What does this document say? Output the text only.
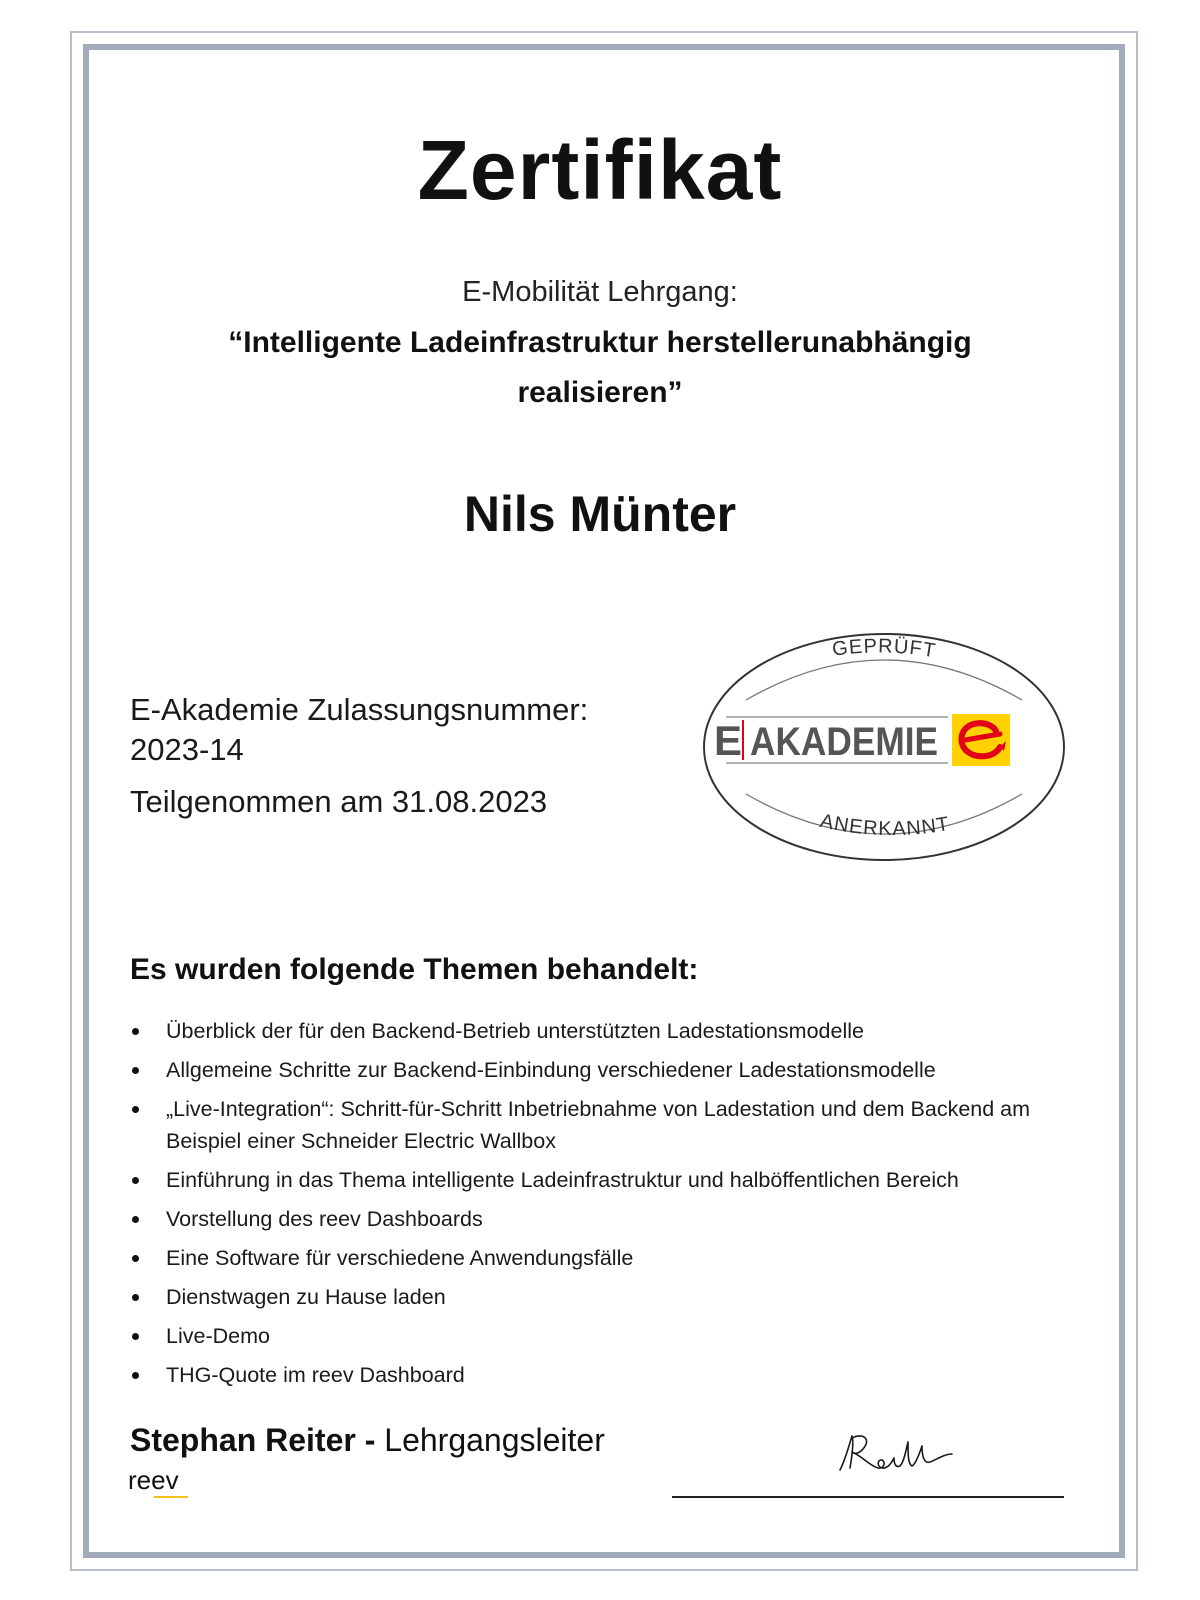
Zertifikat
E-Mobilität Lehrgang:
“Intelligente Ladeinfrastruktur herstellerunabhängig realisieren”
Nils Münter
E-Akademie Zulassungsnummer:
2023-14
Teilgenommen am 31.08.2023
GEPRÜFT
ANERKANNT
E AKADEMIE
Es wurden folgende Themen behandelt:
Überblick der für den Backend-Betrieb unterstützten Ladestationsmodelle
Allgemeine Schritte zur Backend-Einbindung verschiedener Ladestationsmodelle
„Live-Integration“: Schritt-für-Schritt Inbetriebnahme von Ladestation und dem Backend am Beispiel einer Schneider Electric Wallbox
Einführung in das Thema intelligente Ladeinfrastruktur und halböffentlichen Bereich
Vorstellung des reev Dashboards
Eine Software für verschiedene Anwendungsfälle
Dienstwagen zu Hause laden
Live-Demo
THG-Quote im reev Dashboard
Stephan Reiter - Lehrgangsleiter
reev
